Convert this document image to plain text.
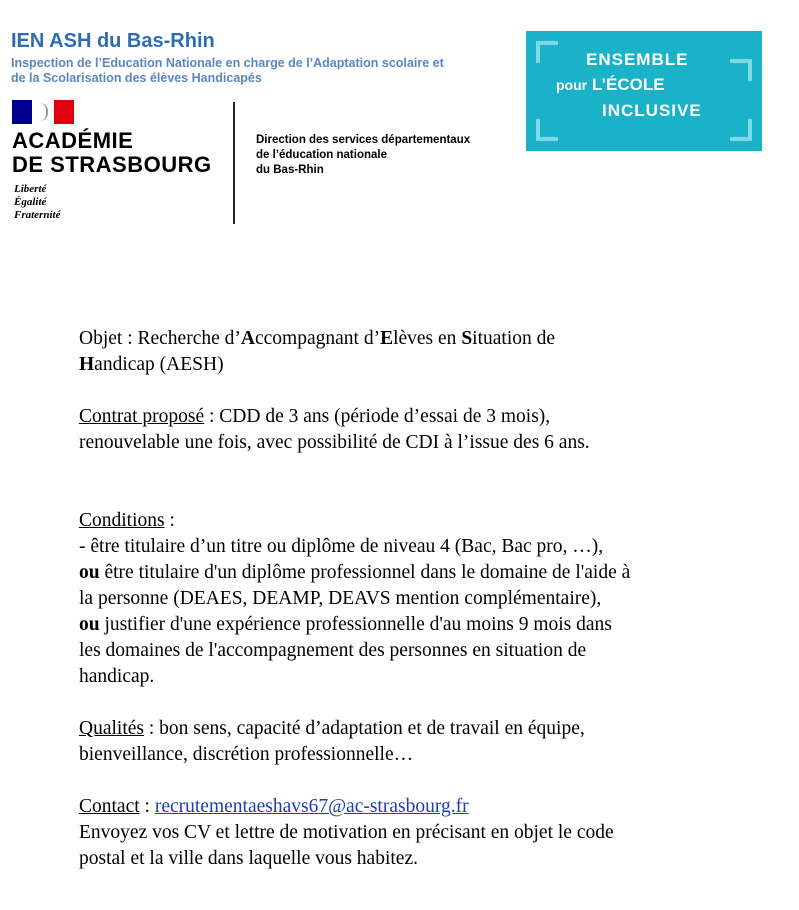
IEN ASH du Bas-Rhin
Inspection de l’Education Nationale en charge de l’Adaptation scolaire et
de la Scolarisation des élèves Handicapés
ACADÉMIE
DE STRASBOURG
Liberté
Égalité
Fraternité
Direction des services départementaux
de l’éducation nationale
du Bas-Rhin
ENSEMBLE
pour L’ÉCOLE
INCLUSIVE

Objet : Recherche d’Accompagnant d’Elèves en Situation de
Handicap (AESH)

Contrat proposé : CDD de 3 ans (période d’essai de 3 mois),
renouvelable une fois, avec possibilité de CDI à l’issue des 6 ans.

Conditions :
- être titulaire d’un titre ou diplôme de niveau 4 (Bac, Bac pro, …),
ou être titulaire d'un diplôme professionnel dans le domaine de l'aide à
la personne (DEAES, DEAMP, DEAVS mention complémentaire),
ou justifier d'une expérience professionnelle d'au moins 9 mois dans
les domaines de l'accompagnement des personnes en situation de
handicap.

Qualités : bon sens, capacité d’adaptation et de travail en équipe,
bienveillance, discrétion professionnelle…

Contact : recrutementaeshavs67@ac-strasbourg.fr
Envoyez vos CV et lettre de motivation en précisant en objet le code
postal et la ville dans laquelle vous habitez.
